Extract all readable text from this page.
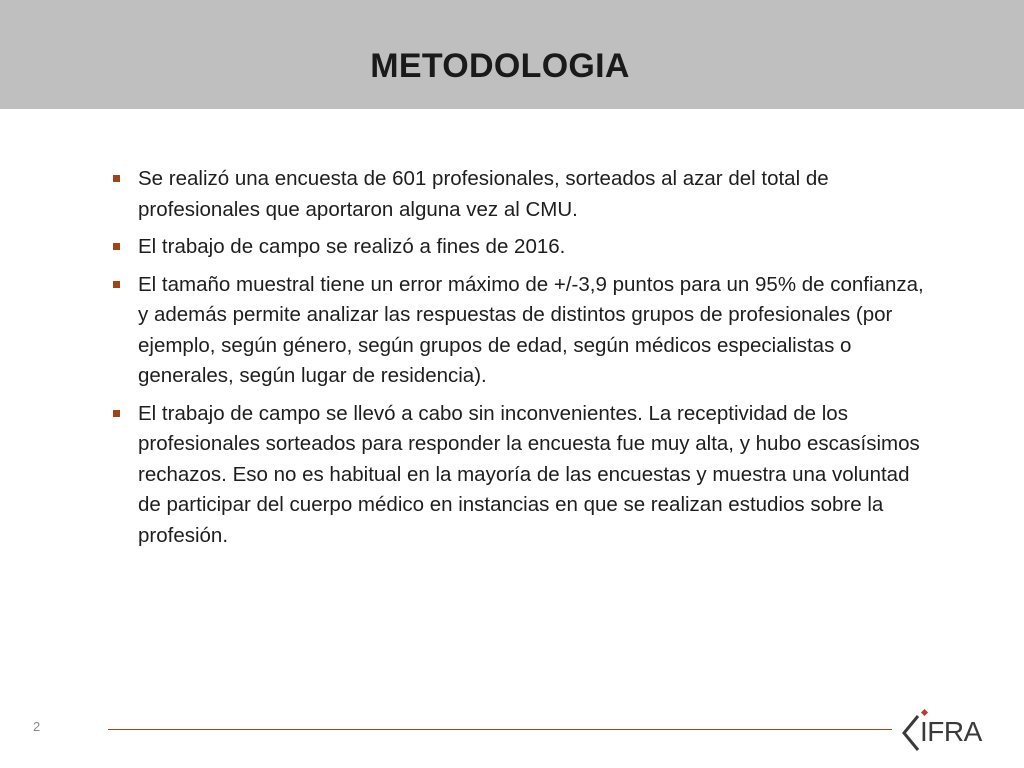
METODOLOGIA
Se realizó una encuesta de 601 profesionales, sorteados al azar del total de profesionales que aportaron alguna vez al CMU.
El trabajo de campo se realizó a fines de 2016.
El tamaño muestral tiene un error máximo de +/-3,9 puntos para un 95% de confianza, y además permite analizar las respuestas de distintos grupos de profesionales (por ejemplo, según género, según grupos de edad, según médicos especialistas o generales, según lugar de residencia).
El trabajo de campo se llevó a cabo sin inconvenientes. La receptividad de los profesionales sorteados para responder la encuesta fue muy alta, y hubo escasísimos rechazos. Eso no es habitual en la mayoría de las encuestas y muestra una voluntad de participar del cuerpo médico en instancias en que se realizan estudios sobre la profesión.
2	IFRA
